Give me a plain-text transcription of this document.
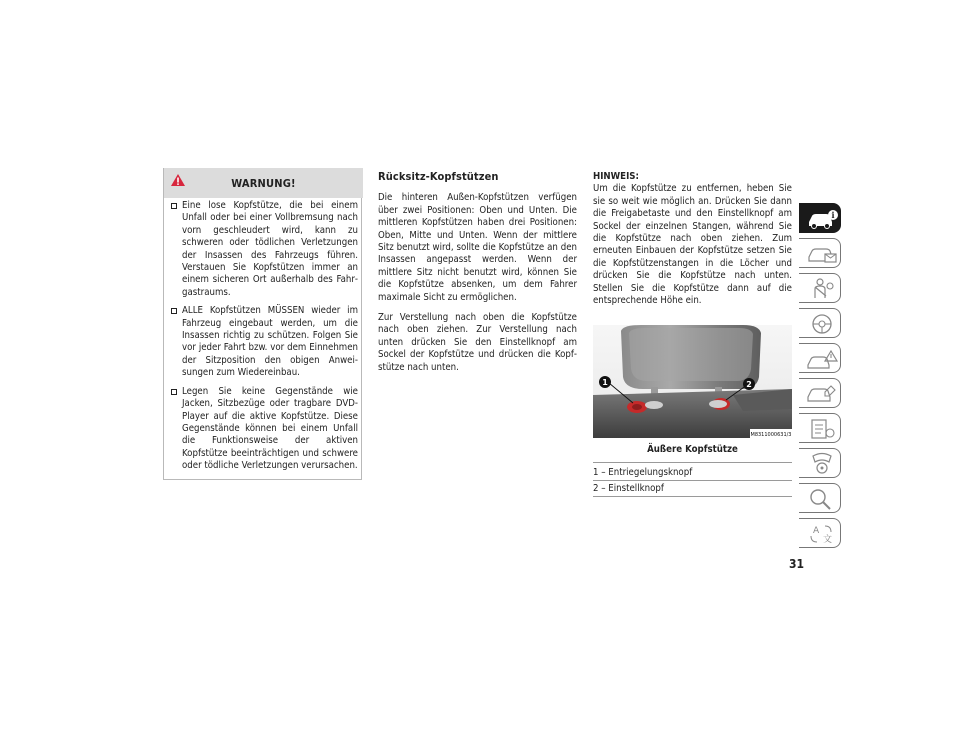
WARNUNG!
Eine lose Kopfstütze, die bei einem Unfall oder bei einer Vollbremsung nach vorn geschleudert wird, kann zu schweren oder tödlichen Verletzungen der Insassen des Fahrzeugs führen. Verstauen Sie Kopfstützen immer an einem sicheren Ort außerhalb des Fahrgastraums.
ALLE Kopfstützen MÜSSEN wieder im Fahrzeug eingebaut werden, um die Insassen richtig zu schützen. Folgen Sie vor jeder Fahrt bzw. vor dem Einnehmen der Sitzposition den obigen Anweisungen zum Wiedereinbau.
Legen Sie keine Gegenstände wie Jacken, Sitzbezüge oder tragbare DVD-Player auf die aktive Kopfstütze. Diese Gegenstände können bei einem Unfall die Funktionsweise der aktiven Kopfstütze beeinträchtigen und schwere oder tödliche Verletzungen verursachen.
Rücksitz-Kopfstützen

Die hinteren Außen-Kopfstützen verfügen über zwei Positionen: Oben und Unten. Die mittleren Kopfstützen haben drei Positionen: Oben, Mitte und Unten. Wenn der mittlere Sitz benutzt wird, sollte die Kopfstütze an den Insassen angepasst werden. Wenn der mittlere Sitz nicht benutzt wird, können Sie die Kopfstütze absenken, um dem Fahrer maximale Sicht zu ermöglichen.

Zur Verstellung nach oben die Kopfstütze nach oben ziehen. Zur Verstellung nach unten drücken Sie den Einstellknopf am Sockel der Kopfstütze und drücken die Kopfstütze nach unten.

HINWEIS:

Um die Kopfstütze zu entfernen, heben Sie sie so weit wie möglich an. Drücken Sie dann die Freigabetaste und den Einstellknopf am Sockel der einzelnen Stangen, während Sie die Kopfstütze nach oben ziehen. Zum erneuten Einbauen der Kopfstütze setzen Sie die Kopfstützenstangen in die Löcher und drücken Sie die Kopfstütze nach unten. Stellen Sie die Kopfstütze dann auf die entsprechende Höhe ein.

1	2
M8311000631/3
Äußere Kopfstütze
1 – Entriegelungsknopf
2 – Einstellknopf
31
i
A
文
